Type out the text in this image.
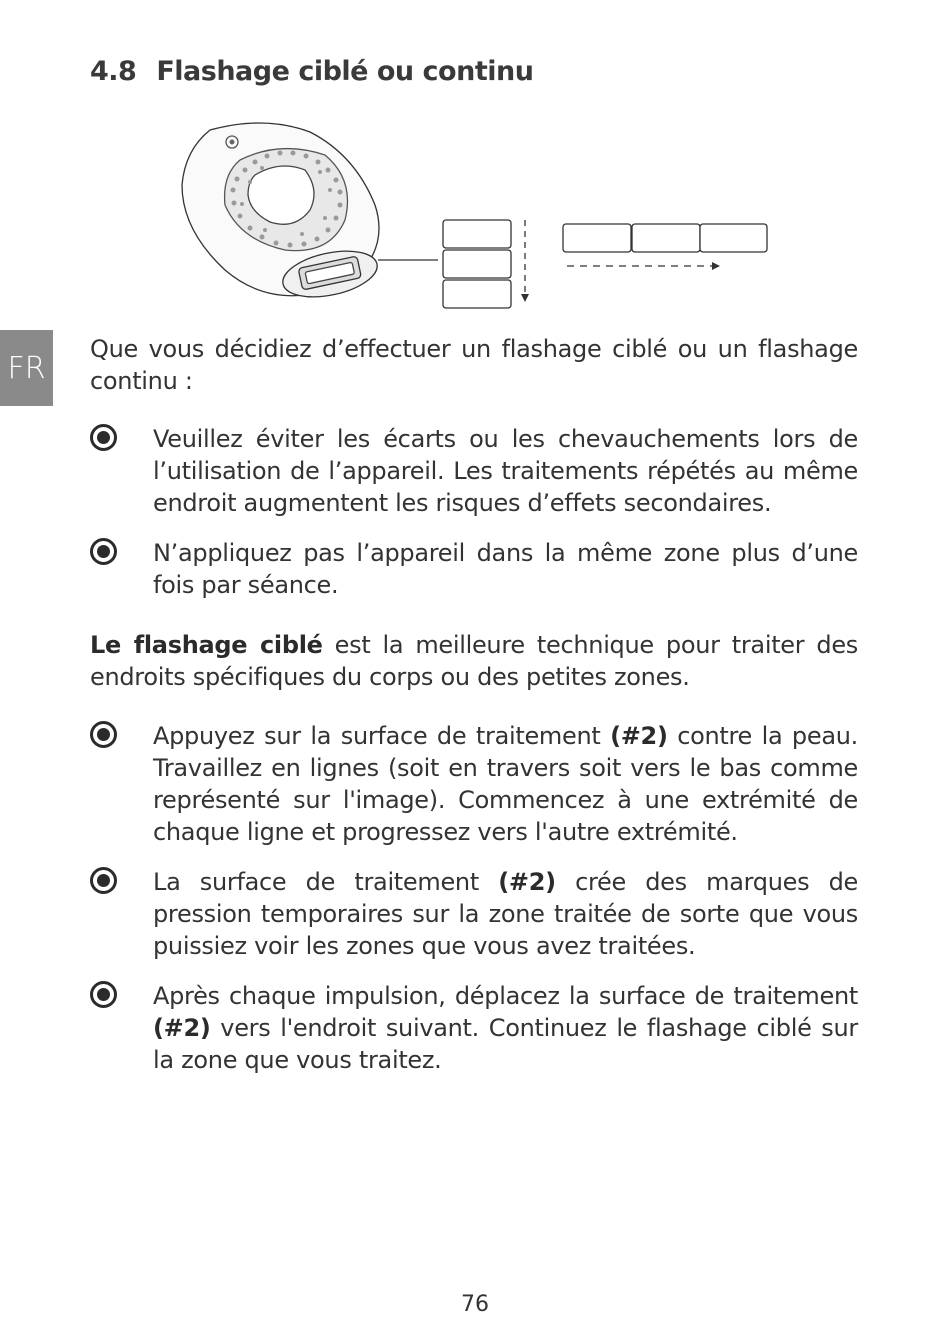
4.8 Flashage ciblé ou continu
FR

Que vous décidiez d’effectuer un flashage ciblé ou un flashage continu :

Veuillez éviter les écarts ou les chevauchements lors de l’utilisation de l’appareil. Les traitements répétés au même endroit augmentent les risques d’effets secondaires.
N’appliquez pas l’appareil dans la même zone plus d’une fois par séance.

Le flashage ciblé est la meilleure technique pour traiter des endroits spécifiques du corps ou des petites zones.

Appuyez sur la surface de traitement (#2) contre la peau. Travaillez en lignes (soit en travers soit vers le bas comme représenté sur l'image). Commencez à une extrémité de chaque ligne et progressez vers l'autre extrémité.
La surface de traitement (#2) crée des marques de pression temporaires sur la zone traitée de sorte que vous puissiez voir les zones que vous avez traitées.
Après chaque impulsion, déplacez la surface de traitement (#2) vers l'endroit suivant. Continuez le flashage ciblé sur la zone que vous traitez.
76
